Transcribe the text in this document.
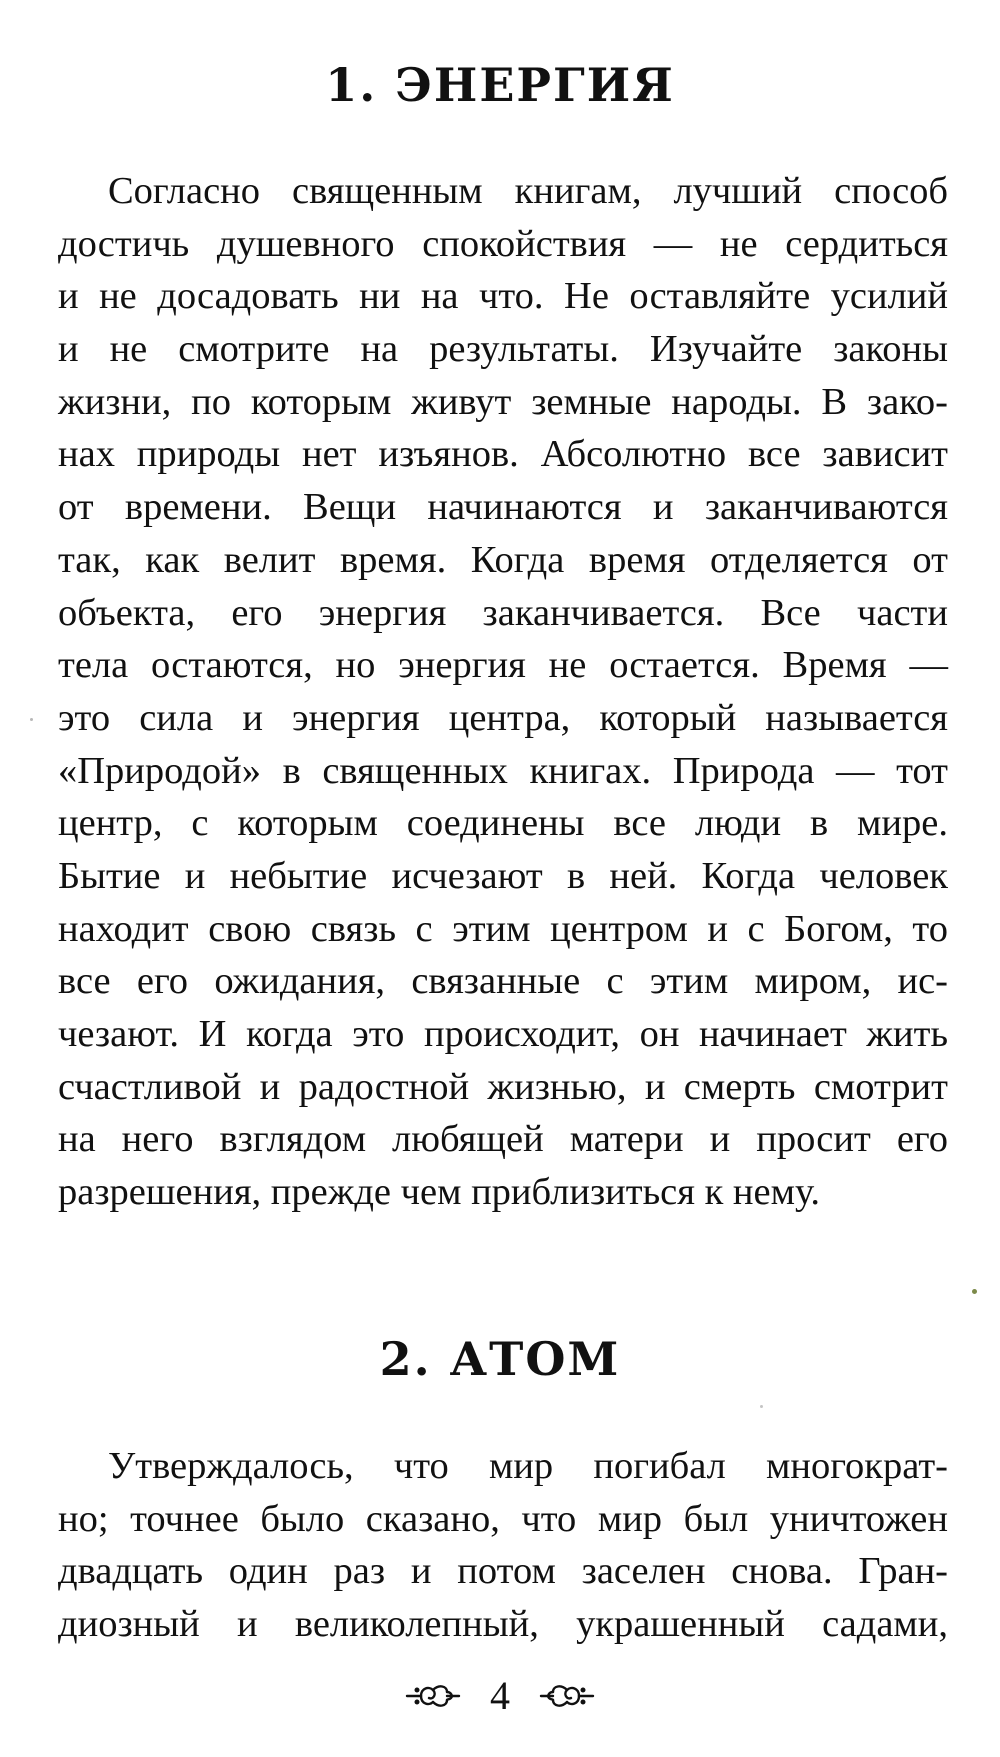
1. ЭНЕРГИЯ
Согласно священным книгам, лучший способ
достичь душевного спокойствия — не сердиться
и не досадовать ни на что. Не оставляйте усилий
и не смотрите на результаты. Изучайте законы
жизни, по которым живут земные народы. В зако-
нах природы нет изъянов. Абсолютно все зависит
от времени. Вещи начинаются и заканчиваются
так, как велит время. Когда время отделяется от
объекта, его энергия заканчивается. Все части
тела остаются, но энергия не остается. Время —
это сила и энергия центра, который называется
«Природой» в священных книгах. Природа — тот
центр, с которым соединены все люди в мире.
Бытие и небытие исчезают в ней. Когда человек
находит свою связь с этим центром и с Богом, то
все его ожидания, связанные с этим миром, ис-
чезают. И когда это происходит, он начинает жить
счастливой и радостной жизнью, и смерть смотрит
на него взглядом любящей матери и просит его
разрешения, прежде чем приблизиться к нему.
2. АТОМ
Утверждалось, что мир погибал многократ-
но; точнее было сказано, что мир был уничтожен
двадцать один раз и потом заселен снова. Гран-
диозный и великолепный, украшенный садами,
4
